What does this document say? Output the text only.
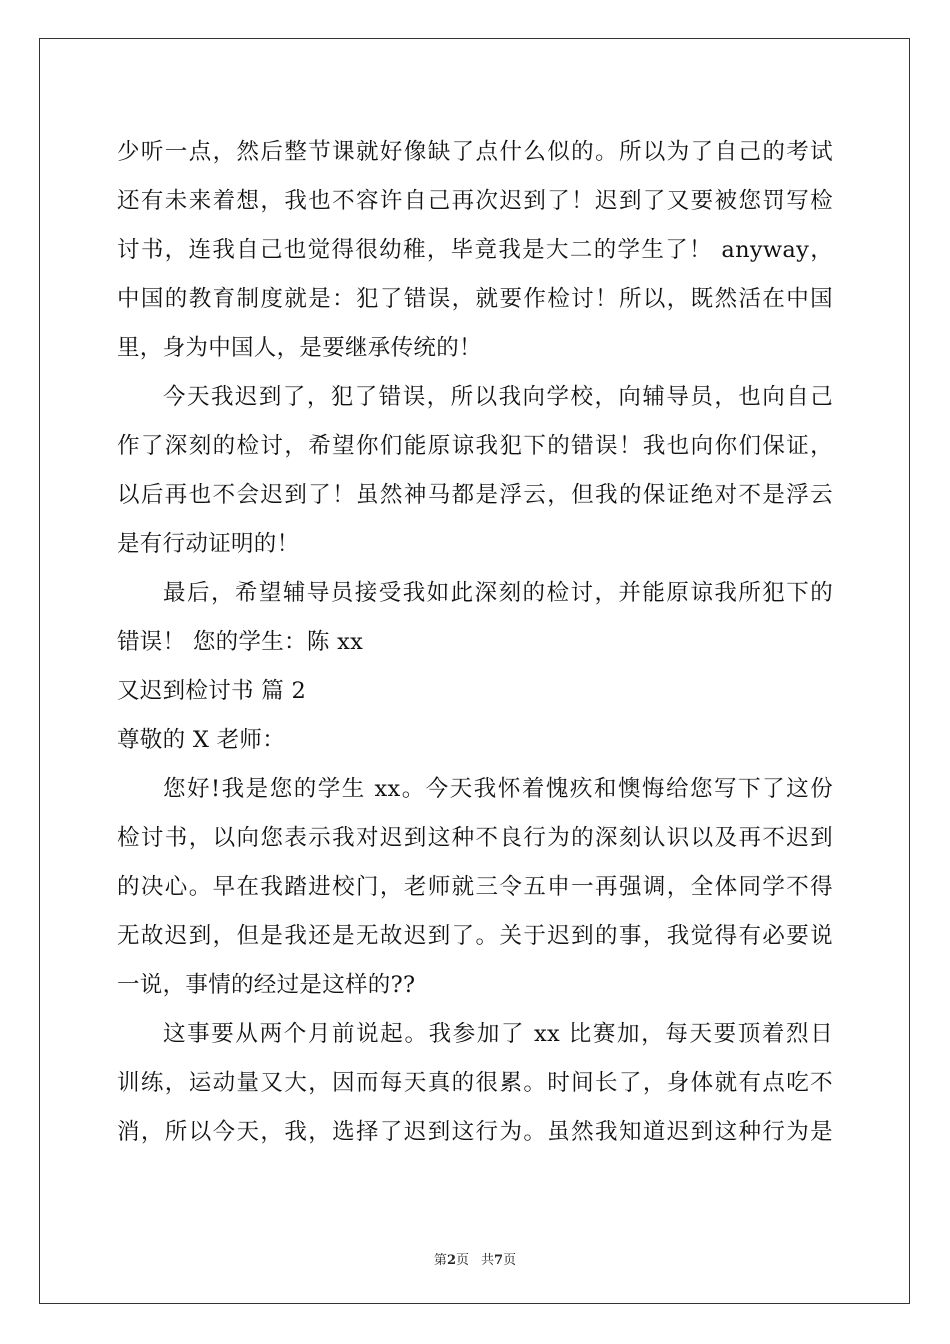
少听一点，然后整节课就好像缺了点什么似的。所以为了自己的考试
还有未来着想，我也不容许自己再次迟到了！迟到了又要被您罚写检
讨书，连我自己也觉得很幼稚，毕竟我是大二的学生了！ anyway，
中国的教育制度就是：犯了错误，就要作检讨！所以，既然活在中国
里，身为中国人，是要继承传统的！
今天我迟到了，犯了错误，所以我向学校，向辅导员，也向自己
作了深刻的检讨，希望你们能原谅我犯下的错误！我也向你们保证，
以后再也不会迟到了！虽然神马都是浮云，但我的保证绝对不是浮云
是有行动证明的！
最后，希望辅导员接受我如此深刻的检讨，并能原谅我所犯下的
错误！ 您的学生：陈 xx
又迟到检讨书 篇 2
尊敬的 X 老师：
您好!我是您的学生 xx。今天我怀着愧疚和懊悔给您写下了这份
检讨书，以向您表示我对迟到这种不良行为的深刻认识以及再不迟到
的决心。早在我踏进校门，老师就三令五申一再强调，全体同学不得
无故迟到，但是我还是无故迟到了。关于迟到的事，我觉得有必要说
一说，事情的经过是这样的??
这事要从两个月前说起。我参加了 xx 比赛加，每天要顶着烈日
训练，运动量又大，因而每天真的很累。时间长了，身体就有点吃不
消，所以今天，我，选择了迟到这行为。虽然我知道迟到这种行为是
第2页 共7页
